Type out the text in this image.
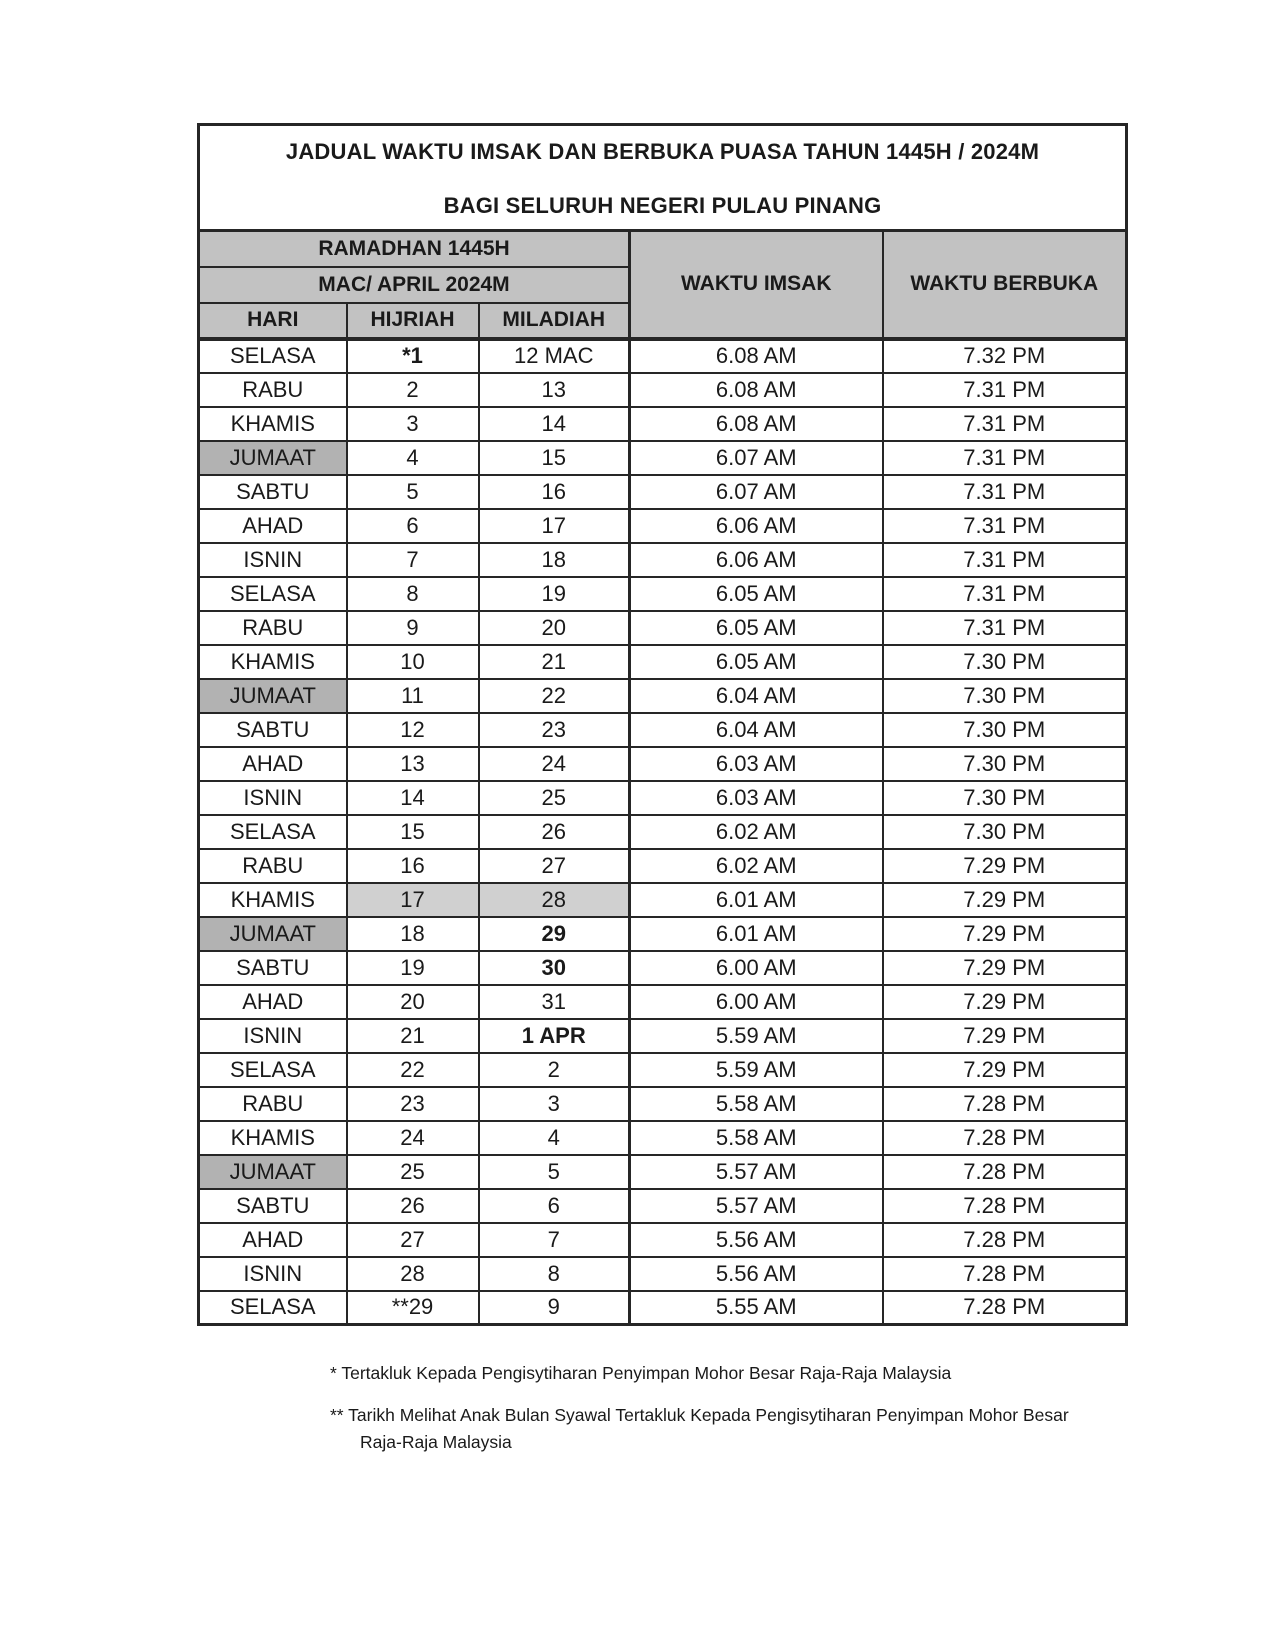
JADUAL WAKTU IMSAK DAN BERBUKA PUASA TAHUN 1445H / 2024M
BAGI SELURUH NEGERI PULAU PINANG				

RAMADHAN 1445H			WAKTU IMSAK	WAKTU BERBUKA
MAC/ APRIL 2024M				
HARI	HIJRIAH	MILADIAH		
SELASA	*1	12 MAC	6.08 AM	7.32 PM
RABU	2	13	6.08 AM	7.31 PM
KHAMIS	3	14	6.08 AM	7.31 PM
JUMAAT	4	15	6.07 AM	7.31 PM
SABTU	5	16	6.07 AM	7.31 PM
AHAD	6	17	6.06 AM	7.31 PM
ISNIN	7	18	6.06 AM	7.31 PM
SELASA	8	19	6.05 AM	7.31 PM
RABU	9	20	6.05 AM	7.31 PM
KHAMIS	10	21	6.05 AM	7.30 PM
JUMAAT	11	22	6.04 AM	7.30 PM
SABTU	12	23	6.04 AM	7.30 PM
AHAD	13	24	6.03 AM	7.30 PM
ISNIN	14	25	6.03 AM	7.30 PM
SELASA	15	26	6.02 AM	7.30 PM
RABU	16	27	6.02 AM	7.29 PM
KHAMIS	17	28	6.01 AM	7.29 PM
JUMAAT	18	29	6.01 AM	7.29 PM
SABTU	19	30	6.00 AM	7.29 PM
AHAD	20	31	6.00 AM	7.29 PM
ISNIN	21	1 APR	5.59 AM	7.29 PM
SELASA	22	2	5.59 AM	7.29 PM
RABU	23	3	5.58 AM	7.28 PM
KHAMIS	24	4	5.58 AM	7.28 PM
JUMAAT	25	5	5.57 AM	7.28 PM
SABTU	26	6	5.57 AM	7.28 PM
AHAD	27	7	5.56 AM	7.28 PM
ISNIN	28	8	5.56 AM	7.28 PM
SELASA	**29	9	5.55 AM	7.28 PM
* Tertakluk Kepada Pengisytiharan Penyimpan Mohor Besar Raja-Raja Malaysia
** Tarikh Melihat Anak Bulan Syawal Tertakluk Kepada Pengisytiharan Penyimpan Mohor Besar
Raja-Raja Malaysia
